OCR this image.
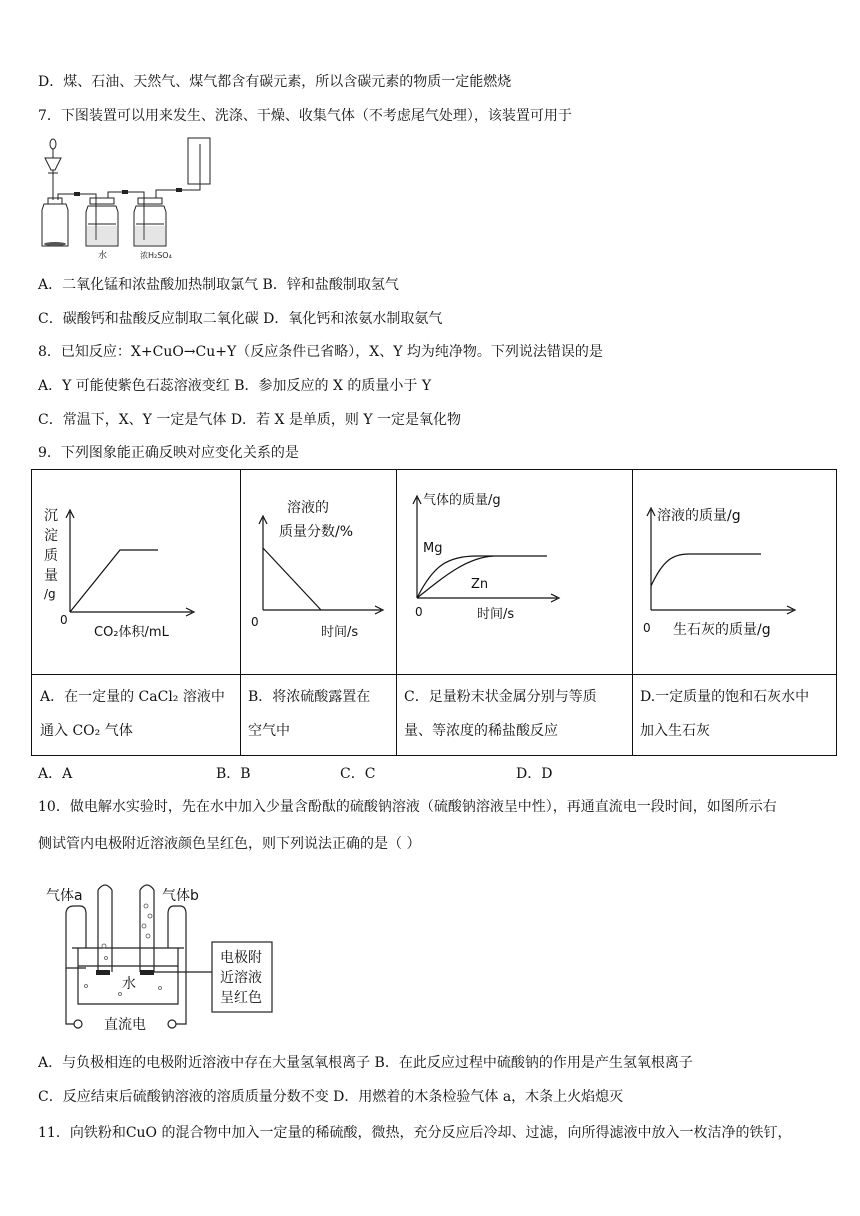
D．煤、石油、天然气、煤气都含有碳元素，所以含碳元素的物质一定能燃烧
7．下图装置可以用来发生、洗涤、干燥、收集气体（不考虑尾气处理），该装置可用于
水	浓H₂SO₄
A．二氧化锰和浓盐酸加热制取氯气 B．锌和盐酸制取氢气
C．碳酸钙和盐酸反应制取二氧化碳 D．氧化钙和浓氨水制取氨气
8．已知反应：X+CuO→Cu+Y（反应条件已省略），X、Y 均为纯净物。下列说法错误的是
A．Y 可能使紫色石蕊溶液变红 B．参加反应的 X 的质量小于 Y
C．常温下，X、Y 一定是气体 D．若 X 是单质，则 Y 一定是氧化物
9．下列图象能正确反映对应变化关系的是
沉
淀
质
量
/g
0
CO₂体积/mL
溶液的
质量分数/%
0
时间/s
气体的质量/g
Mg
Zn
0	时间/s
溶液的质量/g
0 生石灰的质量/g
A．在一定量的 CaCl₂ 溶液中
通入 CO₂ 气体
B．将浓硫酸露置在
空气中
C．足量粉末状金属分别与等质
量、等浓度的稀盐酸反应
D.一定质量的饱和石灰水中
加入生石灰
A．A	B．B	C．C	D．D
10．做电解水实验时，先在水中加入少量含酚酞的硫酸钠溶液（硫酸钠溶液呈中性），再通直流电一段时间，如图所示右
侧试管内电极附近溶液颜色呈红色，则下列说法正确的是（ ）
气体a	气体b
水
直流电
电极附
近溶液
呈红色
A．与负极相连的电极附近溶液中存在大量氢氧根离子 B．在此反应过程中硫酸钠的作用是产生氢氧根离子
C．反应结束后硫酸钠溶液的溶质质量分数不变 D．用燃着的木条检验气体 a，木条上火焰熄灭
11．向铁粉和CuO 的混合物中加入一定量的稀硫酸，微热，充分反应后冷却、过滤，向所得滤液中放入一枚洁净的铁钉，
